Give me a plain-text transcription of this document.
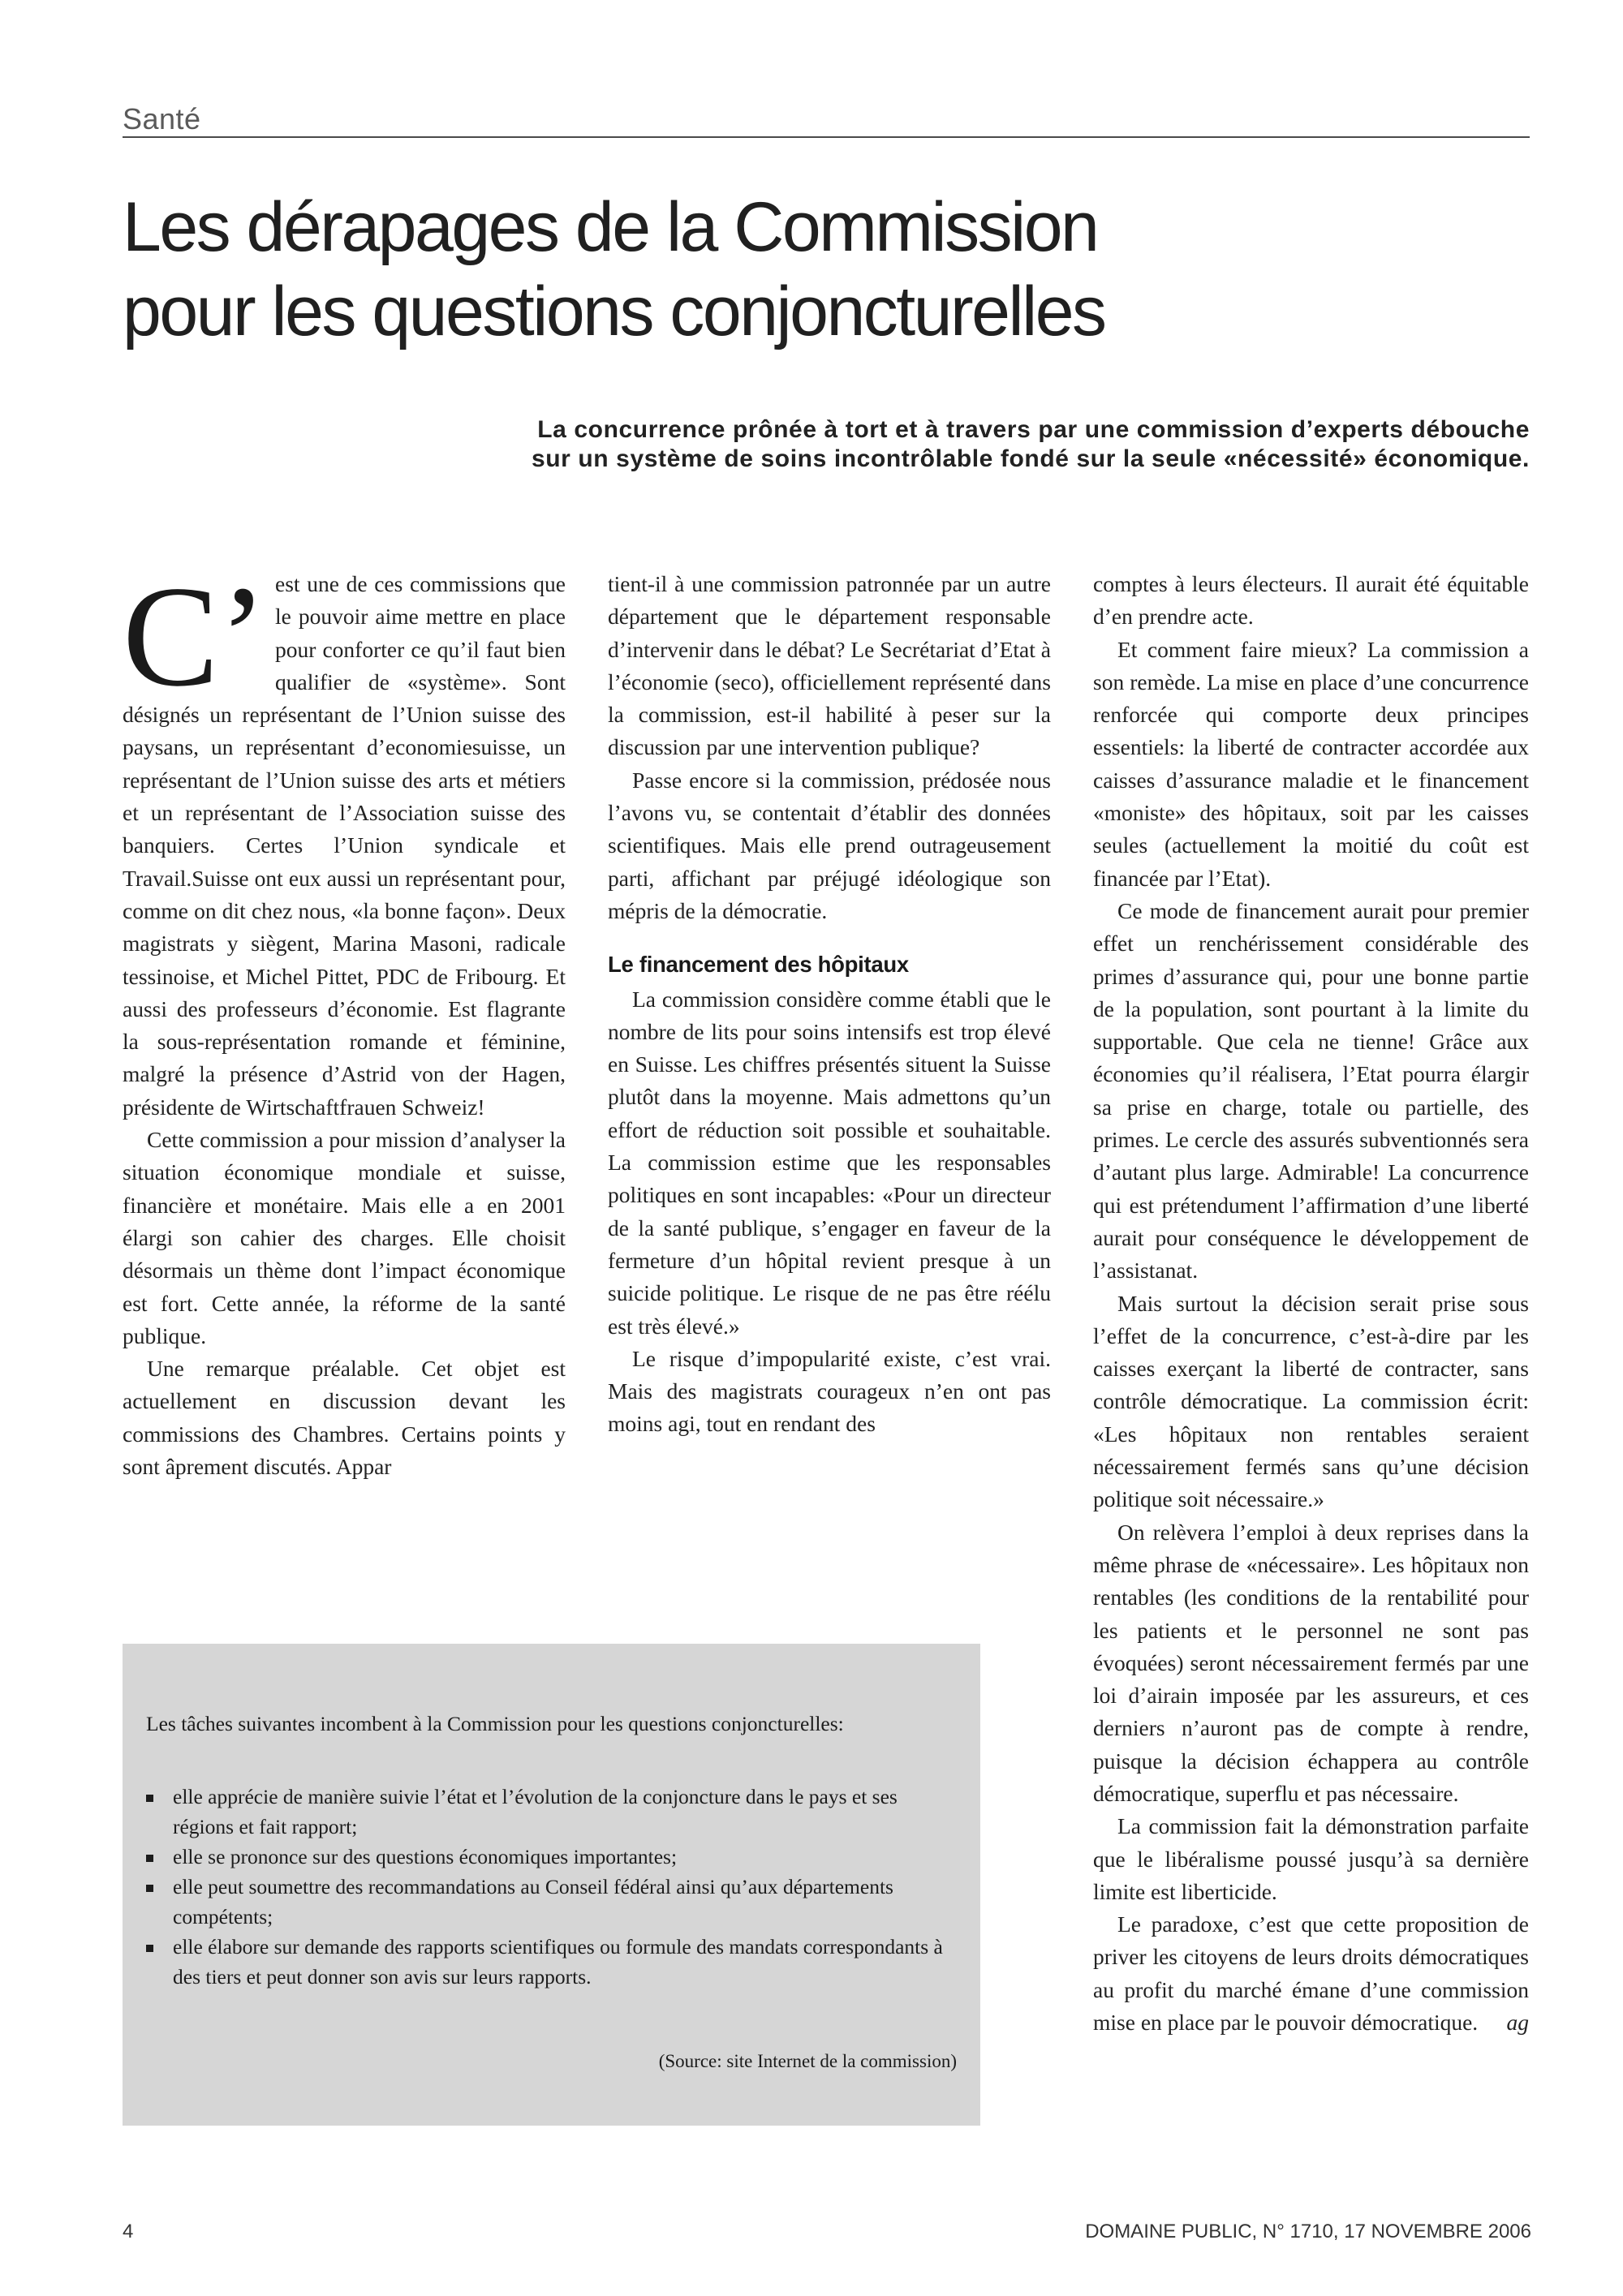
Santé
Les dérapages de la Commission
pour les questions conjoncturelles
La concurrence prônée à tort et à travers par une commission d’experts débouche
sur un système de soins incontrôlable fondé sur la seule «nécessité» économique.
C’ est une de ces commissions que le pouvoir aime mettre en place pour conforter ce qu’il faut bien qualifier de «système». Sont désignés un représentant de l’Union suisse des paysans, un représentant d’economiesuisse, un représentant de l’Union suisse des arts et métiers et un représentant de l’Association suisse des banquiers. Certes l’Union syndicale et Travail.Suisse ont eux aussi un représentant pour, comme on dit chez nous, «la bonne façon». Deux magistrats y siègent, Marina Masoni, radicale tessinoise, et Michel Pittet, PDC de Fribourg. Et aussi des professeurs d’économie. Est flagrante la sous-représentation romande et féminine, malgré la présence d’Astrid von der Hagen, présidente de Wirtschaftfrauen Schweiz!

Cette commission a pour mission d’analyser la situation économique mondiale et suisse, financière et monétaire. Mais elle a en 2001 élargi son cahier des charges. Elle choisit désormais un thème dont l’impact économique est fort. Cette année, la réforme de la santé publique.

Une remarque préalable. Cet objet est actuellement en discussion devant les commissions des Chambres. Certains points y sont âprement discutés. Appar

tient-il à une commission patronnée par un autre département que le département responsable d’intervenir dans le débat? Le Secrétariat d’Etat à l’économie (seco), officiellement représenté dans la commission, est-il habilité à peser sur la discussion par une intervention publique?

Passe encore si la commission, prédosée nous l’avons vu, se contentait d’établir des données scientifiques. Mais elle prend outrageusement parti, affichant par préjugé idéologique son mépris de la démocratie.

Le financement des hôpitaux

La commission considère comme établi que le nombre de lits pour soins intensifs est trop élevé en Suisse. Les chiffres présentés situent la Suisse plutôt dans la moyenne. Mais admettons qu’un effort de réduction soit possible et souhaitable. La commission estime que les responsables politiques en sont incapables: «Pour un directeur de la santé publique, s’engager en faveur de la fermeture d’un hôpital revient presque à un suicide politique. Le risque de ne pas être réélu est très élevé.»

Le risque d’impopularité existe, c’est vrai. Mais des magistrats courageux n’en ont pas moins agi, tout en rendant des

comptes à leurs électeurs. Il aurait été équitable d’en prendre acte.

Et comment faire mieux? La commission a son remède. La mise en place d’une concurrence renforcée qui comporte deux principes essentiels: la liberté de contracter accordée aux caisses d’assurance maladie et le financement «moniste» des hôpitaux, soit par les caisses seules (actuellement la moitié du coût est financée par l’Etat).

Ce mode de financement aurait pour premier effet un renchérissement considérable des primes d’assurance qui, pour une bonne partie de la population, sont pourtant à la limite du supportable. Que cela ne tienne! Grâce aux économies qu’il réalisera, l’Etat pourra élargir sa prise en charge, totale ou partielle, des primes. Le cercle des assurés subventionnés sera d’autant plus large. Admirable! La concurrence qui est prétendument l’affirmation d’une liberté aurait pour conséquence le développement de l’assistanat.

Mais surtout la décision serait prise sous l’effet de la concurrence, c’est-à-dire par les caisses exerçant la liberté de contracter, sans contrôle démocratique. La commission écrit: «Les hôpitaux non rentables seraient nécessairement fermés sans qu’une décision politique soit nécessaire.»

On relèvera l’emploi à deux reprises dans la même phrase de «nécessaire». Les hôpitaux non rentables (les conditions de la rentabilité pour les patients et le personnel ne sont pas évoquées) seront nécessairement fermés par une loi d’airain imposée par les assureurs, et ces derniers n’auront pas de compte à rendre, puisque la décision échappera au contrôle démocratique, superflu et pas nécessaire.

La commission fait la démonstration parfaite que le libéralisme poussé jusqu’à sa dernière limite est liberticide.

Le paradoxe, c’est que cette proposition de priver les citoyens de leurs droits démocratiques au profit du marché émane d’une commission mise en place par le pouvoir démocratique.	ag

Les tâches suivantes incombent à la Commission pour les questions conjoncturelles:

elle apprécie de manière suivie l’état et l’évolution de la conjoncture dans le pays et ses régions et fait rapport;
elle se prononce sur des questions économiques importantes;
elle peut soumettre des recommandations au Conseil fédéral ainsi qu’aux départements compétents;
elle élabore sur demande des rapports scientifiques ou formule des mandats correspondants à des tiers et peut donner son avis sur leurs rapports.
(Source: site Internet de la commission)
4	DOMAINE PUBLIC, N° 1710, 17 NOVEMBRE 2006
